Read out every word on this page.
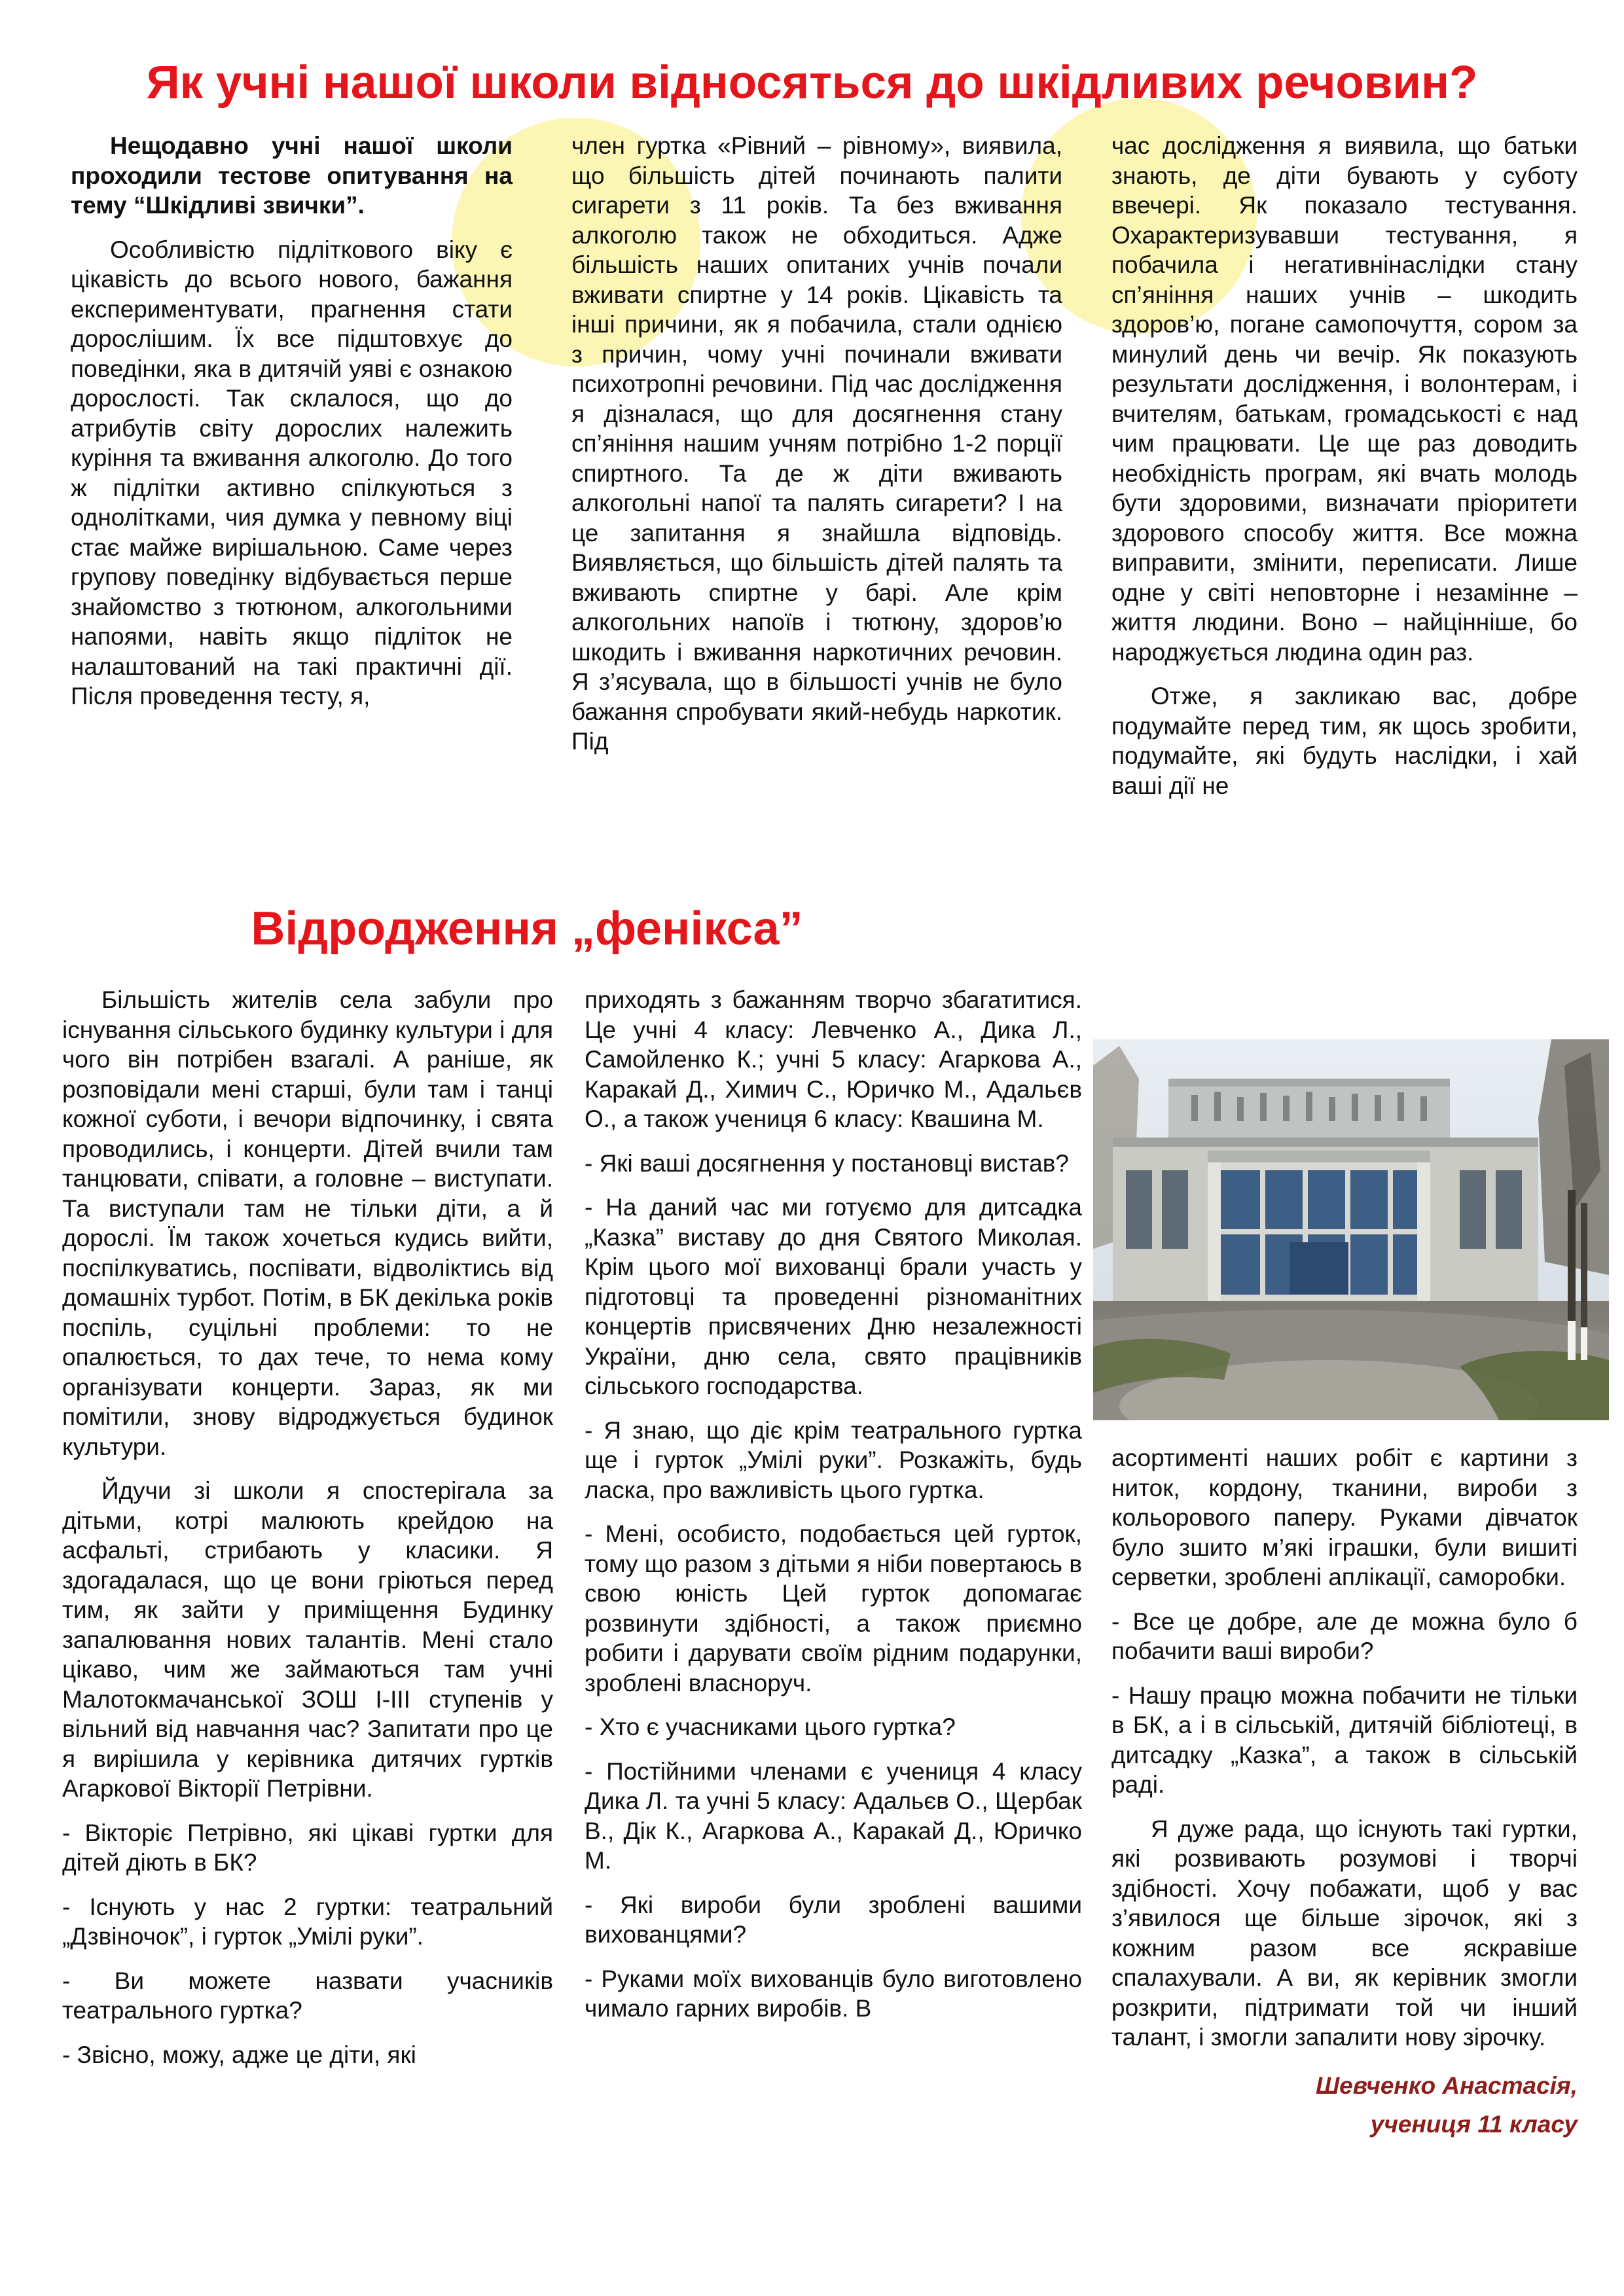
Як учні нашої школи відносяться до шкідливих речовин?

Нещодавно учні нашої школи проходили тестове опитування на тему “Шкідливі звички”.

Особливістю підліткового віку є цікавість до всього нового, бажання експериментувати, прагнення стати дорослішим. Їх все підштовхує до поведінки, яка в дитячій уяві є ознакою дорослості. Так склалося, що до атрибутів світу дорослих належить куріння та вживання алкоголю. До того ж підлітки активно спілкуються з однолітками, чия думка у певному віці стає майже вирішальною. Саме через групову поведінку відбувається перше знайомство з тютюном, алкогольними напоями, навіть якщо підліток не налаштований на такі практичні дії. Після проведення тесту, я,

член гуртка «Рівний – рівному», виявила, що більшість дітей починають палити сигарети з 11 років. Та без вживання алкоголю також не обходиться. Адже більшість наших опитаних учнів почали вживати спиртне у 14 років. Цікавість та інші причини, як я побачила, стали однією з причин, чому учні починали вживати психотропні речовини. Під час дослідження я дізналася, що для досягнення стану сп’яніння нашим учням потрібно 1-2 порції спиртного. Та де ж діти вживають алкогольні напої та палять сигарети? І на це запитання я знайшла відповідь. Виявляється, що більшість дітей палять та вживають спиртне у барі. Але крім алкогольних напоїв і тютюну, здоров’ю шкодить і вживання наркотичних речовин. Я з’ясувала, що в більшості учнів не було бажання спробувати який-небудь наркотик. Під

час дослідження я виявила, що батьки знають, де діти бувають у суботу ввечері. Як показало тестування. Охарактеризувавши тестування, я побачила і негативнінаслідки стану сп’яніння наших учнів – шкодить здоров’ю, погане самопочуття, сором за минулий день чи вечір. Як показують результати дослідження, і волонтерам, і вчителям, батькам, громадськості є над чим працювати. Це ще раз доводить необхідність програм, які вчать молодь бути здоровими, визначати пріоритети здорового способу життя. Все можна виправити, змінити, переписати. Лише одне у світі неповторне і незамінне – життя людини. Воно – найцінніше, бо народжується людина один раз.

Отже, я закликаю вас, добре подумайте перед тим, як щось зробити, подумайте, які будуть наслідки, і хай ваші дії не

Відродження „фенікса”

Більшість жителів села забули про існування сільського будинку культури і для чого він потрібен взагалі. А раніше, як розповідали мені старші, були там і танці кожної суботи, і вечори відпочинку, і свята проводились, і концерти. Дітей вчили там танцювати, співати, а головне – виступати. Та виступали там не тільки діти, а й дорослі. Їм також хочеться кудись вийти, поспілкуватись, поспівати, відволіктись від домашніх турбот. Потім, в БК декілька років поспіль, суцільні проблеми: то не опалюється, то дах тече, то нема кому організувати концерти. Зараз, як ми помітили, знову відроджується будинок культури.

Йдучи зі школи я спостерігала за дітьми, котрі малюють крейдою на асфальті, стрибають у класики. Я здогадалася, що це вони гріються перед тим, як зайти у приміщення Будинку запалювання нових талантів. Мені стало цікаво, чим же займаються там учні Малотокмачанської ЗОШ І-ІІІ ступенів у вільний від навчання час? Запитати про це я вирішила у керівника дитячих гуртків Агаркової Вікторії Петрівни.

- Вікторіє Петрівно, які цікаві гуртки для дітей діють в БК?

- Існують у нас 2 гуртки: театральний „Дзвіночок”, і гурток „Умілі руки”.

- Ви можете назвати учасників театрального гуртка?

- Звісно, можу, адже це діти, які

приходять з бажанням творчо збагатитися. Це учні 4 класу: Левченко А., Дика Л., Самойленко К.; учні 5 класу: Агаркова А., Каракай Д., Химич С., Юричко М., Адальєв О., а також учениця 6 класу: Квашина М.

- Які ваші досягнення у постановці вистав?

- На даний час ми готуємо для дитсадка „Казка” виставу до дня Святого Миколая. Крім цього мої вихованці брали участь у підготовці та проведенні різноманітних концертів присвячених Дню незалежності України, дню села, свято працівників сільського господарства.

- Я знаю, що діє крім театрального гуртка ще і гурток „Умілі руки”. Розкажіть, будь ласка, про важливість цього гуртка.

- Мені, особисто, подобається цей гурток, тому що разом з дітьми я ніби повертаюсь в свою юність Цей гурток допомагає розвинути здібності, а також приємно робити і дарувати своїм рідним подарунки, зроблені власноруч.

- Хто є учасниками цього гуртка?

- Постійними членами є учениця 4 класу Дика Л. та учні 5 класу: Адальєв О., Щербак В., Дік К., Агаркова А., Каракай Д., Юричко М.

- Які вироби були зроблені вашими вихованцями?

- Руками моїх вихованців було виготовлено чимало гарних виробів. В

асортименті наших робіт є картини з ниток, кордону, тканини, вироби з кольорового паперу. Руками дівчаток було зшито м’які іграшки, були вишиті серветки, зроблені аплікації, саморобки.

- Все це добре, але де можна було б побачити ваші вироби?

- Нашу працю можна побачити не тільки в БК, а і в сільській, дитячій бібліотеці, в дитсадку „Казка”, а також в сільській раді.

Я дуже рада, що існують такі гуртки, які розвивають розумові і творчі здібності. Хочу побажати, щоб у вас з’явилося ще більше зірочок, які з кожним разом все яскравіше спалахували. А ви, як керівник змогли розкрити, підтримати той чи інший талант, і змогли запалити нову зірочку.

Шевченко Анастасія,

учениця 11 класу
